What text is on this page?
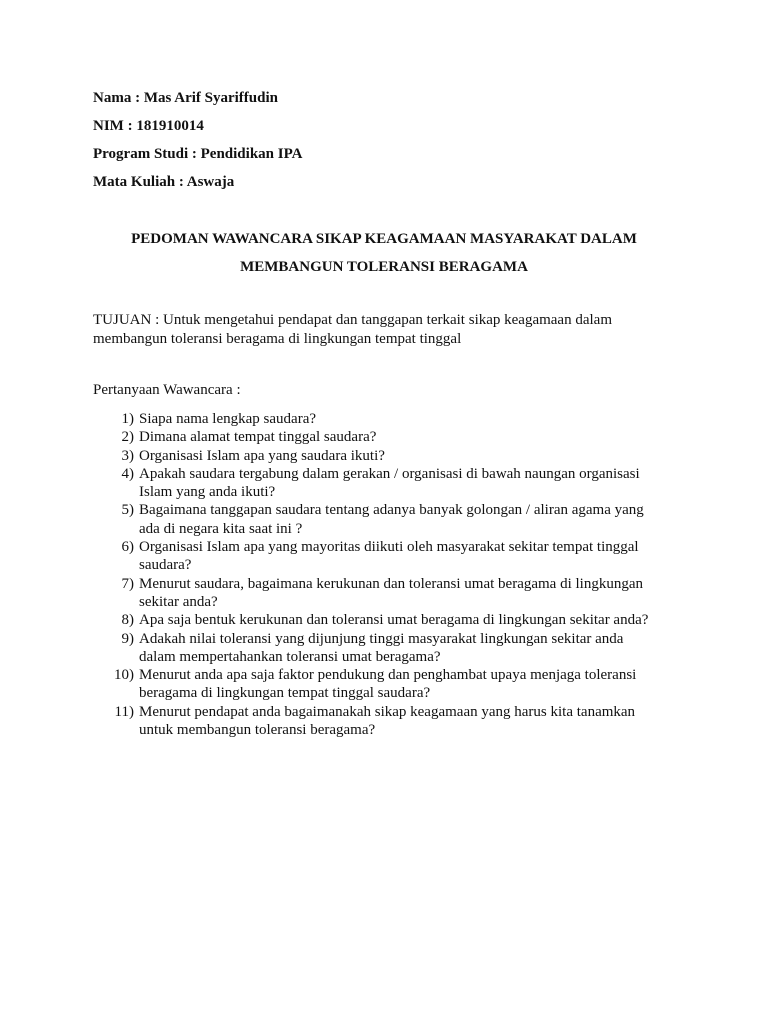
Nama : Mas Arif Syariffudin
NIM : 181910014
Program Studi : Pendidikan IPA
Mata Kuliah : Aswaja
PEDOMAN WAWANCARA SIKAP KEAGAMAAN MASYARAKAT DALAM
MEMBANGUN TOLERANSI BERAGAMA
TUJUAN : Untuk mengetahui pendapat dan tanggapan terkait sikap keagamaan dalam
membangun toleransi beragama di lingkungan tempat tinggal
Pertanyaan Wawancara :
1) Siapa nama lengkap saudara?
2) Dimana alamat tempat tinggal saudara?
3) Organisasi Islam apa yang saudara ikuti?
4) Apakah saudara tergabung dalam gerakan / organisasi di bawah naungan organisasi
Islam yang anda ikuti?
5) Bagaimana tanggapan saudara tentang adanya banyak golongan / aliran agama yang
ada di negara kita saat ini ?
6) Organisasi Islam apa yang mayoritas diikuti oleh masyarakat sekitar tempat tinggal
saudara?
7) Menurut saudara, bagaimana kerukunan dan toleransi umat beragama di lingkungan
sekitar anda?
8) Apa saja bentuk kerukunan dan toleransi umat beragama di lingkungan sekitar anda?
9) Adakah nilai toleransi yang dijunjung tinggi masyarakat lingkungan sekitar anda
dalam mempertahankan toleransi umat beragama?
10) Menurut anda apa saja faktor pendukung dan penghambat upaya menjaga toleransi
beragama di lingkungan tempat tinggal saudara?
11) Menurut pendapat anda bagaimanakah sikap keagamaan yang harus kita tanamkan
untuk membangun toleransi beragama?
